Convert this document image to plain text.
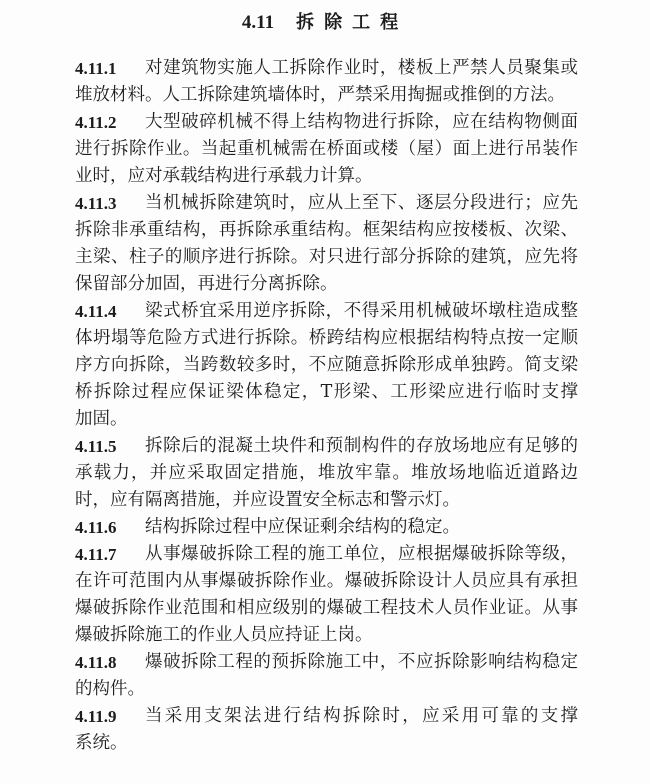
4.11 拆除工程
4.11.1	对建筑物实施人工拆除作业时，楼板上严禁人员聚集或
堆放材料。人工拆除建筑墙体时，严禁采用掏掘或推倒的方法。
4.11.2	大型破碎机械不得上结构物进行拆除，应在结构物侧面
进行拆除作业。当起重机械需在桥面或楼（屋）面上进行吊装作
业时，应对承载结构进行承载力计算。
4.11.3	当机械拆除建筑时，应从上至下、逐层分段进行；应先
拆除非承重结构，再拆除承重结构。框架结构应按楼板、次梁、
主梁、柱子的顺序进行拆除。对只进行部分拆除的建筑，应先将
保留部分加固，再进行分离拆除。
4.11.4	梁式桥宜采用逆序拆除，不得采用机械破坏墩柱造成整
体坍塌等危险方式进行拆除。桥跨结构应根据结构特点按一定顺
序方向拆除，当跨数较多时，不应随意拆除形成单独跨。简支梁
桥拆除过程应保证梁体稳定，T形梁、工形梁应进行临时支撑
加固。
4.11.5	拆除后的混凝土块件和预制构件的存放场地应有足够的
承载力，并应采取固定措施，堆放牢靠。堆放场地临近道路边
时，应有隔离措施，并应设置安全标志和警示灯。
4.11.6	结构拆除过程中应保证剩余结构的稳定。
4.11.7	从事爆破拆除工程的施工单位，应根据爆破拆除等级，
在许可范围内从事爆破拆除作业。爆破拆除设计人员应具有承担
爆破拆除作业范围和相应级别的爆破工程技术人员作业证。从事
爆破拆除施工的作业人员应持证上岗。
4.11.8	爆破拆除工程的预拆除施工中，不应拆除影响结构稳定
的构件。
4.11.9	当采用支架法进行结构拆除时，应采用可靠的支撑
系统。
